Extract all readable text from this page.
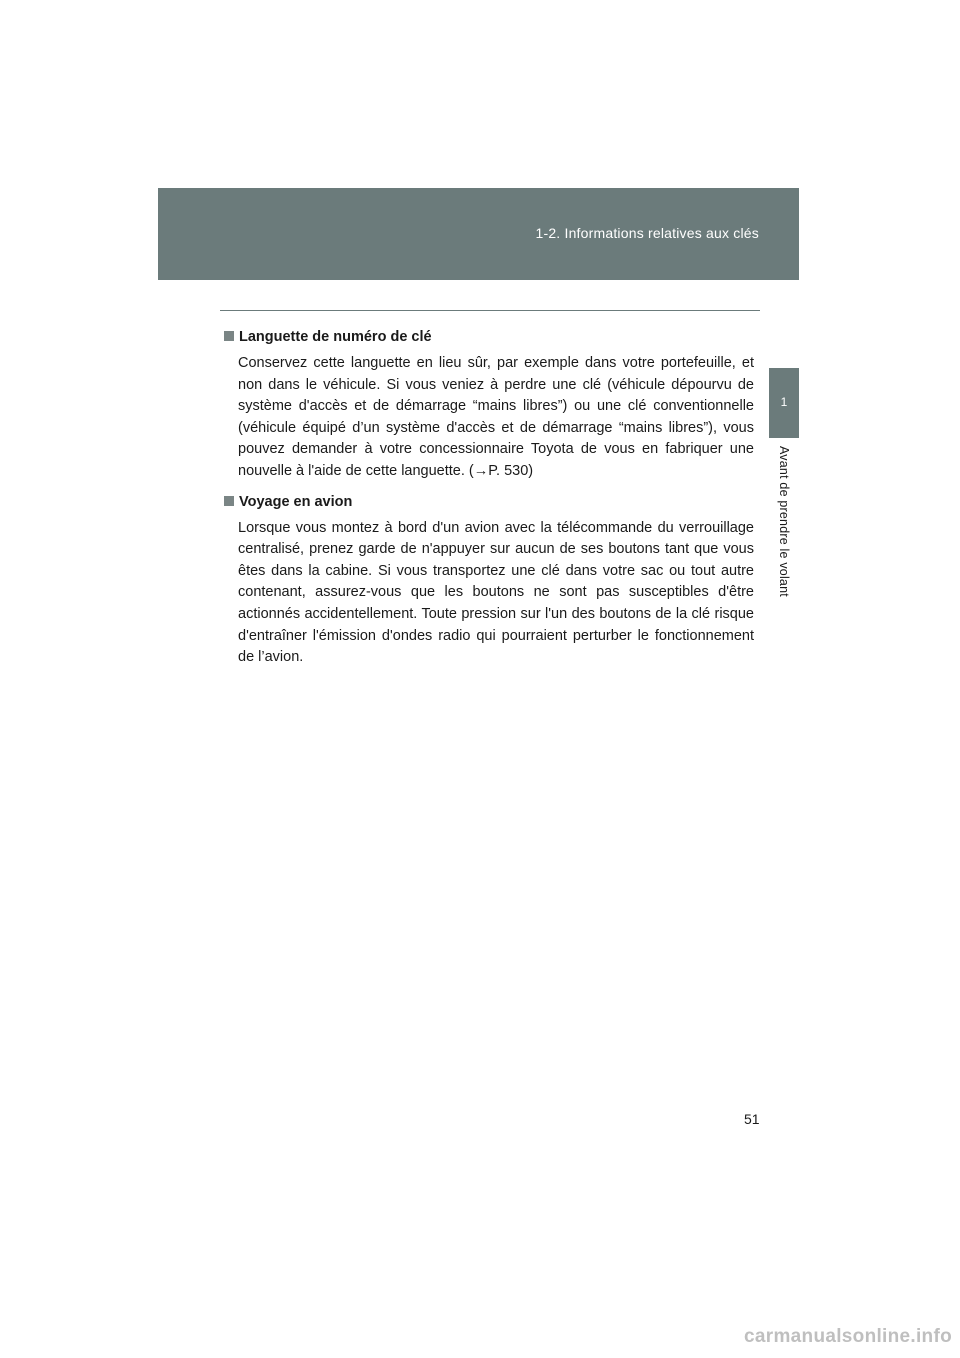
1-2. Informations relatives aux clés
1
Avant de prendre le volant

Languette de numéro de clé

Conservez cette languette en lieu sûr, par exemple dans votre portefeuille, et non dans le véhicule. Si vous veniez à perdre une clé (véhicule dépourvu de système d'accès et de démarrage “mains libres”) ou une clé conventionnelle (véhicule équipé d’un système d'accès et de démarrage “mains libres”), vous pouvez demander à votre concessionnaire Toyota de vous en fabriquer une nouvelle à l'aide de cette languette. (→P. 530)

Voyage en avion

Lorsque vous montez à bord d'un avion avec la télécommande du verrouillage centralisé, prenez garde de n'appuyer sur aucun de ses boutons tant que vous êtes dans la cabine. Si vous transportez une clé dans votre sac ou tout autre contenant, assurez-vous que les boutons ne sont pas susceptibles d'être actionnés accidentellement. Toute pression sur l'un des boutons de la clé risque d'entraîner l'émission d'ondes radio qui pourraient perturber le fonctionnement de l’avion.

51
carmanualsonline.info
